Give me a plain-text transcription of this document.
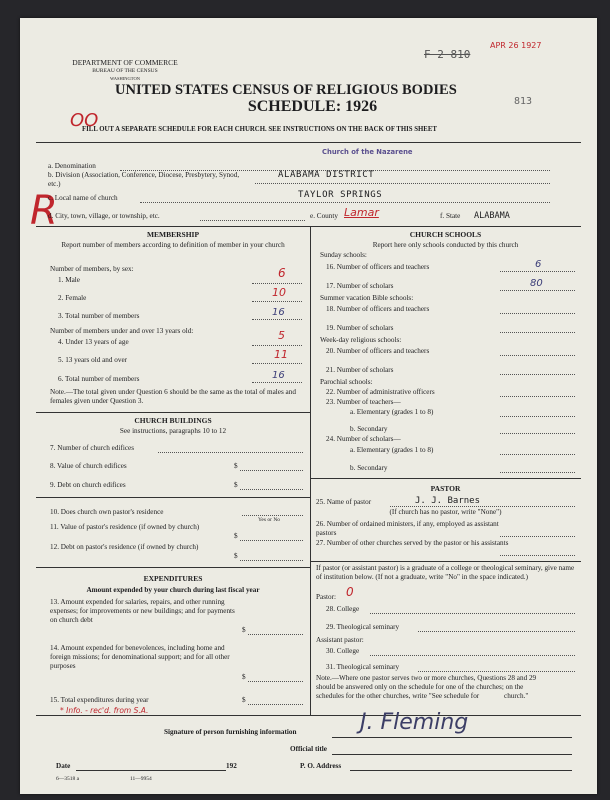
DEPARTMENT OF COMMERCE
BUREAU OF THE CENSUS
WASHINGTON
UNITED STATES CENSUS OF RELIGIOUS BODIES
SCHEDULE: 1926
FILL OUT A SEPARATE SCHEDULE FOR EACH CHURCH. SEE INSTRUCTIONS ON THE BACK OF THIS SHEET
APR 26 1927
F 2 810
813
OO
R
Church of the Nazarene
a. Denomination
b. Division (Association, Conference, Diocese, Presbytery, Synod, etc.)
ALABAMA DISTRICT
c. Local name of church	TAYLOR SPRINGS
d. City, town, village, or township, etc.	e. County Lamar	f. State ALABAMA
MEMBERSHIP
Report number of members according to definition of member in your church
Number of members, by sex:
1. Male	6
2. Female	10
3. Total number of members	16
Number of members under and over 13 years old:
4. Under 13 years of age	5
5. 13 years old and over	11
6. Total number of members	16
Note.—The total given under Question 6 should be the same as the total of males and females given under Question 3.
CHURCH BUILDINGS
See instructions, paragraphs 10 to 12
7. Number of church edifices
8. Value of church edifices	$
9. Debt on church edifices	$
10. Does church own pastor's residence
Yes or No
11. Value of pastor's residence (if owned by church)
$
12. Debt on pastor's residence (if owned by church)
$
EXPENDITURES
Amount expended by your church during last fiscal year
13. Amount expended for salaries, repairs, and other running expenses; for improvements or new buildings; and for payments on church debt
$
14. Amount expended for benevolences, including home and foreign missions; for denominational support; and for all other purposes
$
15. Total expenditures during year	$
CHURCH SCHOOLS
Report here only schools conducted by this church
Sunday schools:
16. Number of officers and teachers	6
17. Number of scholars	80
Summer vacation Bible schools:
18. Number of officers and teachers
19. Number of scholars
Week-day religious schools:
20. Number of officers and teachers
21. Number of scholars
Parochial schools:
22. Number of administrative officers
23. Number of teachers—
a. Elementary (grades 1 to 8)
b. Secondary
24. Number of scholars—
a. Elementary (grades 1 to 8)
b. Secondary
PASTOR
25. Name of pastor	J. J. Barnes
(If church has no pastor, write "None")
26. Number of ordained ministers, if any, employed as assistant pastors
27. Number of other churches served by the pastor or his assistants
If pastor (or assistant pastor) is a graduate of a college or theological seminary, give name of institution below. (If not a graduate, write "No" in the space indicated.)
Pastor: 0
28. College
29. Theological seminary
Assistant pastor:
30. College
31. Theological seminary
Note.—Where one pastor serves two or more churches, Questions 28 and 29 should be answered only on the schedule for one of the churches; on the schedules for the other churches, write "See schedule for	church."
* Info. - rec'd. from S.A.
Signature of person furnishing information	J. Fleming
Official title
Date	192	P. O. Address
6—3518 a	11—9954
